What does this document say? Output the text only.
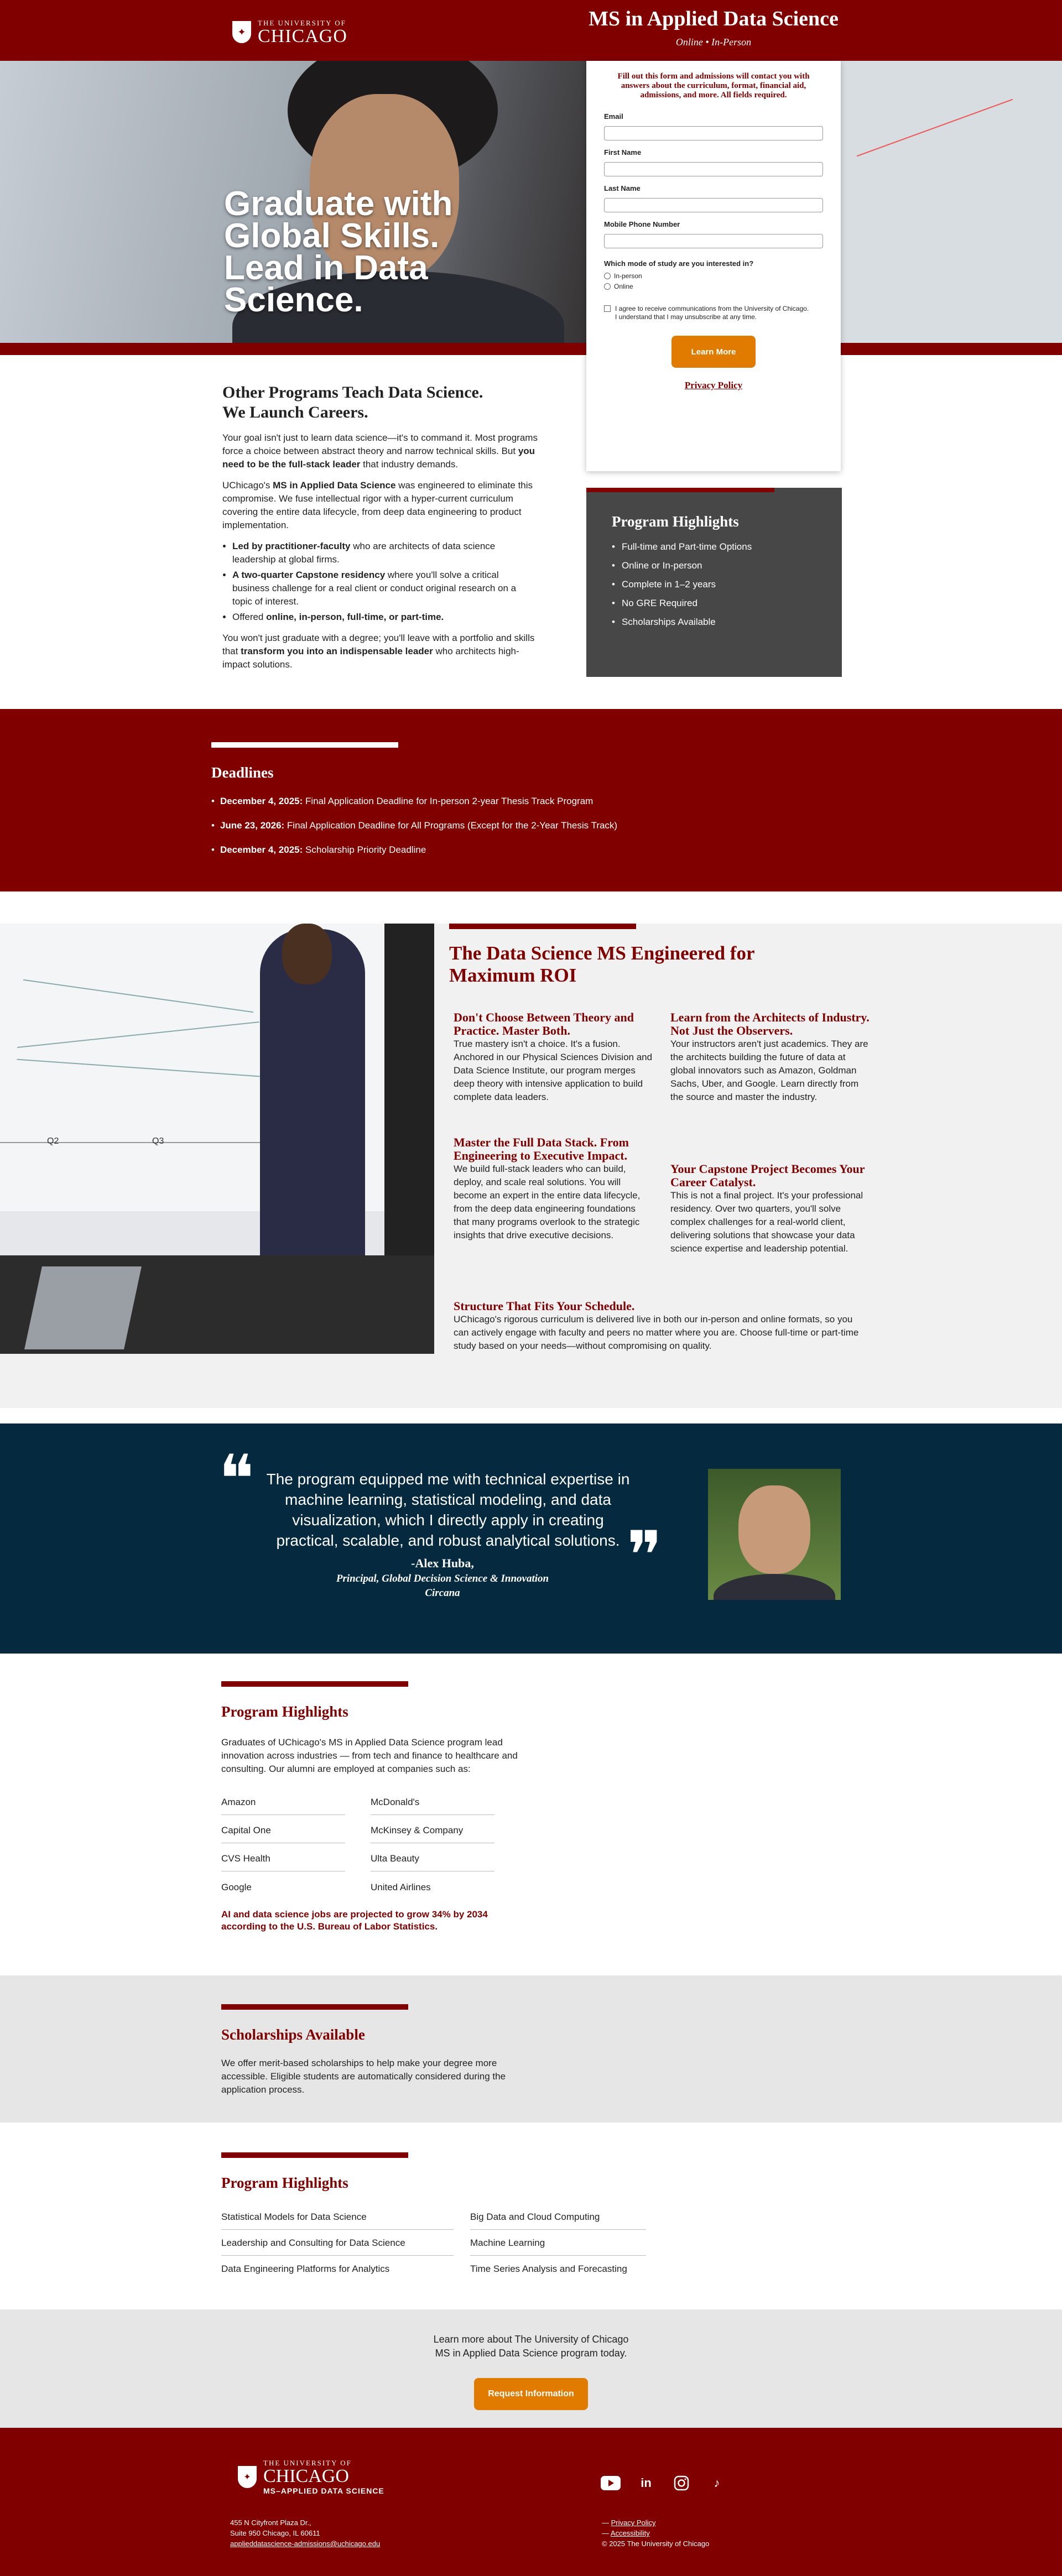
✦
THE UNIVERSITY OF
CHICAGO
MS in Applied Data Science

Online • In-Person

Graduate with Global Skills. Lead in Data Science.

Fill out this form and admissions will contact you with answers about the curriculum, format, financial aid, admissions, and more. All fields required.

Email
First Name
Last Name
Mobile Phone Number
Which mode of study are you interested in?
In-person
Online
I agree to receive communications from the University of Chicago. I understand that I may unsubscribe at any time.
Learn More
Privacy Policy
Other Programs Teach Data Science.
We Launch Careers.

Your goal isn't just to learn data science—it's to command it. Most programs force a choice between abstract theory and narrow technical skills. But you need to be the full-stack leader that industry demands.

UChicago's MS in Applied Data Science was engineered to eliminate this compromise. We fuse intellectual rigor with a hyper-current curriculum covering the entire data lifecycle, from deep data engineering to product implementation.

• Led by practitioner-faculty who are architects of data science leadership at global firms.
• A two-quarter Capstone residency where you'll solve a critical business challenge for a real client or conduct original research on a topic of interest.
• Offered online, in-person, full-time, or part-time.

You won't just graduate with a degree; you'll leave with a portfolio and skills that transform you into an indispensable leader who architects high-impact solutions.

Program Highlights
• Full-time and Part-time Options
• Online or In-person
• Complete in 1–2 years
• No GRE Required
• Scholarships Available
Deadlines
• December 4, 2025: Final Application Deadline for In-person 2-year Thesis Track Program
• June 23, 2026: Final Application Deadline for All Programs (Except for the 2-Year Thesis Track)
• December 4, 2025: Scholarship Priority Deadline
Q2	Q3
The Data Science MS Engineered for Maximum ROI
Don't Choose Between Theory and Practice. Master Both.

True mastery isn't a choice. It's a fusion. Anchored in our Physical Sciences Division and Data Science Institute, our program merges deep theory with intensive application to build complete data leaders.

Learn from the Architects of Industry. Not Just the Observers.

Your instructors aren't just academics. They are the architects building the future of data at global innovators such as Amazon, Goldman Sachs, Uber, and Google. Learn directly from the source and master the industry.

Master the Full Data Stack. From Engineering to Executive Impact.

We build full-stack leaders who can build, deploy, and scale real solutions. You will become an expert in the entire data lifecycle, from the deep data engineering foundations that many programs overlook to the strategic insights that drive executive decisions.

Your Capstone Project Becomes Your Career Catalyst.

This is not a final project. It's your professional residency. Over two quarters, you'll solve complex challenges for a real-world client, delivering solutions that showcase your data science expertise and leadership potential.

Structure That Fits Your Schedule.

UChicago's rigorous curriculum is delivered live in both our in-person and online formats, so you can actively engage with faculty and peers no matter where you are. Choose full-time or part-time study based on your needs—without compromising on quality.

❝ The program equipped me with technical expertise in machine learning, statistical modeling, and data visualization, which I directly apply in creating practical, scalable, and robust analytical solutions. ❞
-Alex Huba,
Principal, Global Decision Science & Innovation
Circana
Program Highlights

Graduates of UChicago's MS in Applied Data Science program lead innovation across industries — from tech and finance to healthcare and consulting. Our alumni are employed at companies such as:

Amazon	McDonald's
Capital One	McKinsey & Company
CVS Health	Ulta Beauty
Google	United Airlines

AI and data science jobs are projected to grow 34% by 2034 according to the U.S. Bureau of Labor Statistics.

Scholarships Available

We offer merit-based scholarships to help make your degree more accessible. Eligible students are automatically considered during the application process.

Program Highlights
Statistical Models for Data Science	Big Data and Cloud Computing
Leadership and Consulting for Data Science	Machine Learning
Data Engineering Platforms for Analytics	Time Series Analysis and Forecasting

Learn more about The University of Chicago

MS in Applied Data Science program today.

Request Information
✦
THE UNIVERSITY OF
CHICAGO
MS–APPLIED DATA SCIENCE
455 N Cityfront Plaza Dr.,
Suite 950 Chicago, IL 60611
applieddatascience-admissions@uchicago.edu
in	♪
— Privacy Policy
— Accessibility
© 2025 The University of Chicago
